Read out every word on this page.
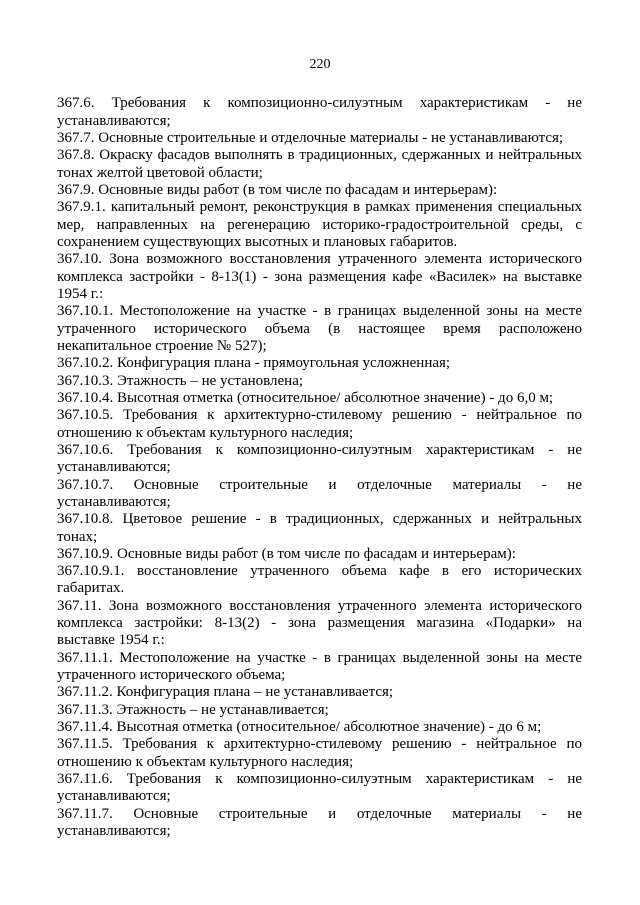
220
367.6. Требования к композиционно-силуэтным характеристикам - не
устанавливаются;
367.7. Основные строительные и отделочные материалы - не устанавливаются;
367.8. Окраску фасадов выполнять в традиционных, сдержанных и нейтральных
тонах желтой цветовой области;
367.9. Основные виды работ (в том числе по фасадам и интерьерам):
367.9.1. капитальный ремонт, реконструкция в рамках применения специальных
мер, направленных на регенерацию историко-градостроительной среды, с
сохранением существующих высотных и плановых габаритов.
367.10. Зона возможного восстановления утраченного элемента исторического
комплекса застройки - 8-13(1) - зона размещения кафе «Василек» на выставке
1954 г.:
367.10.1. Местоположение на участке - в границах выделенной зоны на месте
утраченного исторического объема (в настоящее время расположено
некапитальное строение № 527);
367.10.2. Конфигурация плана - прямоугольная усложненная;
367.10.3. Этажность – не установлена;
367.10.4. Высотная отметка (относительное/ абсолютное значение) - до 6,0 м;
367.10.5. Требования к архитектурно-стилевому решению - нейтральное по
отношению к объектам культурного наследия;
367.10.6. Требования к композиционно-силуэтным характеристикам - не
устанавливаются;
367.10.7. Основные строительные и отделочные материалы - не
устанавливаются;
367.10.8. Цветовое решение - в традиционных, сдержанных и нейтральных
тонах;
367.10.9. Основные виды работ (в том числе по фасадам и интерьерам):
367.10.9.1. восстановление утраченного объема кафе в его исторических
габаритах.
367.11. Зона возможного восстановления утраченного элемента исторического
комплекса застройки: 8-13(2) - зона размещения магазина «Подарки» на
выставке 1954 г.:
367.11.1. Местоположение на участке - в границах выделенной зоны на месте
утраченного исторического объема;
367.11.2. Конфигурация плана – не устанавливается;
367.11.3. Этажность – не устанавливается;
367.11.4. Высотная отметка (относительное/ абсолютное значение) - до 6 м;
367.11.5. Требования к архитектурно-стилевому решению - нейтральное по
отношению к объектам культурного наследия;
367.11.6. Требования к композиционно-силуэтным характеристикам - не
устанавливаются;
367.11.7. Основные строительные и отделочные материалы - не
устанавливаются;
